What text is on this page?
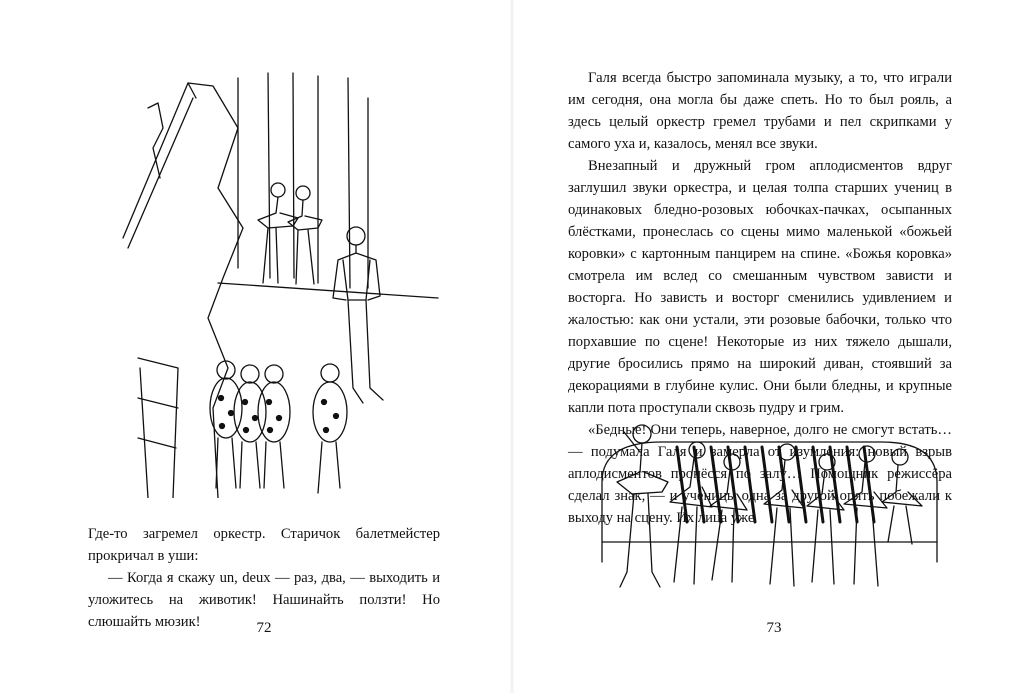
Где-то загремел оркестр. Старичок балетмейстер прокричал в уши:

— Когда я скажу un, deux — раз, два, — выходить и уложитесь на животик! Нашинайть ползти! Но слюшайть мюзик!	72

Галя всегда быстро запоминала музыку, а то, что играли им сегодня, она могла бы даже спеть. Но то был рояль, а здесь целый оркестр гремел трубами и пел скрипками у самого уха и, казалось, менял все звуки.

Внезапный и дружный гром аплодисментов вдруг заглушил звуки оркестра, и целая толпа старших учениц в одинаковых бледно-розовых юбочках-пачках, осыпанных блёстками, пронеслась со сцены мимо маленькой «божьей коровки» с картонным панцирем на спине. «Божья коровка» смотрела им вслед со смешанным чувством зависти и восторга. Но зависть и восторг сменились удивлением и жалостью: как они устали, эти розовые бабочки, только что порхавшие по сцене! Некоторые из них тяжело дышали, другие бросились прямо на широкий диван, стоявший за декорациями в глубине кулис. Они были бледны, и крупные капли пота проступали сквозь пудру и грим.

«Бедные! Они теперь, наверное, долго не смогут встать… — подумала Галя и замерла от изумления: новый взрыв аплодисментов пронёсся по залу… Помощник режиссёра сделал знак, — и ученицы одна за другой опять побежали к выходу на сцену. Их лица уже

73
